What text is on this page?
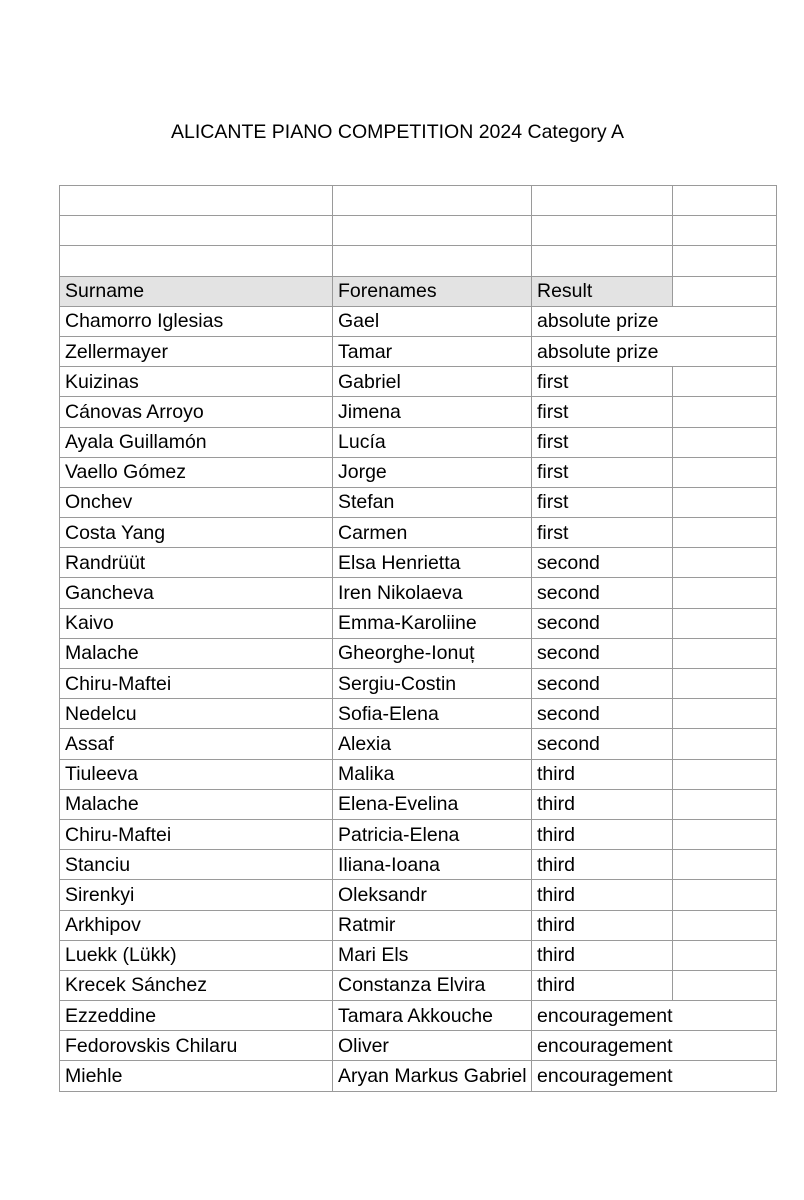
ALICANTE PIANO COMPETITION 2024 Category A

Surname	Forenames	Result	
Chamorro Iglesias	Gael	absolute prize	
Zellermayer	Tamar	absolute prize	
Kuizinas	Gabriel	first	
Cánovas Arroyo	Jimena	first	
Ayala Guillamón	Lucía	first	
Vaello Gómez	Jorge	first	
Onchev	Stefan	first	
Costa Yang	Carmen	first	
Randrüüt	Elsa Henrietta	second	
Gancheva	Iren Nikolaeva	second	
Kaivo	Emma-Karoliine	second	
Malache	Gheorghe-Ionuț	second	
Chiru-Maftei	Sergiu-Costin	second	
Nedelcu	Sofia-Elena	second	
Assaf	Alexia	second	
Tiuleeva	Malika	third	
Malache	Elena-Evelina	third	
Chiru-Maftei	Patricia-Elena	third	
Stanciu	Iliana-Ioana	third	
Sirenkyi	Oleksandr	third	
Arkhipov	Ratmir	third	
Luekk (Lükk)	Mari Els	third	
Krecek Sánchez	Constanza Elvira	third	
Ezzeddine	Tamara Akkouche	encouragement	
Fedorovskis Chilaru	Oliver	encouragement	
Miehle	Aryan Markus Gabriel	encouragement	
